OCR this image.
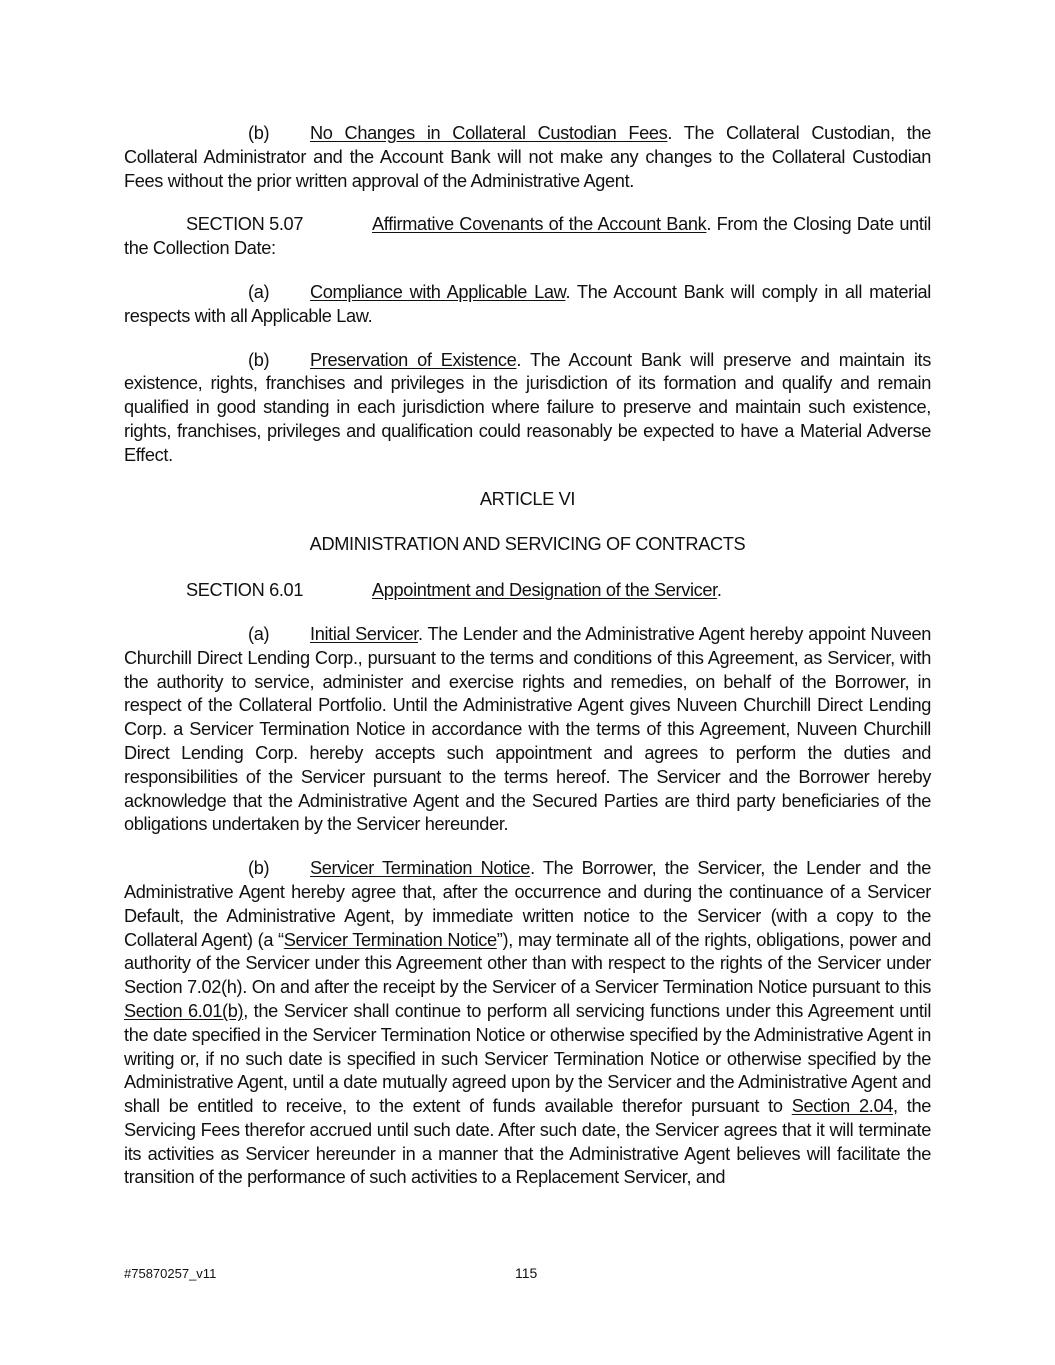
(b) No Changes in Collateral Custodian Fees. The Collateral Custodian, the Collateral Administrator and the Account Bank will not make any changes to the Collateral Custodian Fees without the prior written approval of the Administrative Agent.

SECTION 5.07	Affirmative Covenants of the Account Bank. From the Closing Date until the Collection Date:

(a) Compliance with Applicable Law. The Account Bank will comply in all material respects with all Applicable Law.

(b) Preservation of Existence. The Account Bank will preserve and maintain its existence, rights, franchises and privileges in the jurisdiction of its formation and qualify and remain qualified in good standing in each jurisdiction where failure to preserve and maintain such existence, rights, franchises, privileges and qualification could reasonably be expected to have a Material Adverse Effect.

ARTICLE VI

ADMINISTRATION AND SERVICING OF CONTRACTS

SECTION 6.01	Appointment and Designation of the Servicer.

(a) Initial Servicer. The Lender and the Administrative Agent hereby appoint Nuveen Churchill Direct Lending Corp., pursuant to the terms and conditions of this Agreement, as Servicer, with the authority to service, administer and exercise rights and remedies, on behalf of the Borrower, in respect of the Collateral Portfolio. Until the Administrative Agent gives Nuveen Churchill Direct Lending Corp. a Servicer Termination Notice in accordance with the terms of this Agreement, Nuveen Churchill Direct Lending Corp. hereby accepts such appointment and agrees to perform the duties and responsibilities of the Servicer pursuant to the terms hereof. The Servicer and the Borrower hereby acknowledge that the Administrative Agent and the Secured Parties are third party beneficiaries of the obligations undertaken by the Servicer hereunder.

(b) Servicer Termination Notice. The Borrower, the Servicer, the Lender and the Administrative Agent hereby agree that, after the occurrence and during the continuance of a Servicer Default, the Administrative Agent, by immediate written notice to the Servicer (with a copy to the Collateral Agent) (a “Servicer Termination Notice”), may terminate all of the rights, obligations, power and authority of the Servicer under this Agreement other than with respect to the rights of the Servicer under Section 7.02(h). On and after the receipt by the Servicer of a Servicer Termination Notice pursuant to this Section 6.01(b), the Servicer shall continue to perform all servicing functions under this Agreement until the date specified in the Servicer Termination Notice or otherwise specified by the Administrative Agent in writing or, if no such date is specified in such Servicer Termination Notice or otherwise specified by the Administrative Agent, until a date mutually agreed upon by the Servicer and the Administrative Agent and shall be entitled to receive, to the extent of funds available therefor pursuant to Section 2.04, the Servicing Fees therefor accrued until such date. After such date, the Servicer agrees that it will terminate its activities as Servicer hereunder in a manner that the Administrative Agent believes will facilitate the transition of the performance of such activities to a Replacement Servicer, and

#75870257_v11	115
